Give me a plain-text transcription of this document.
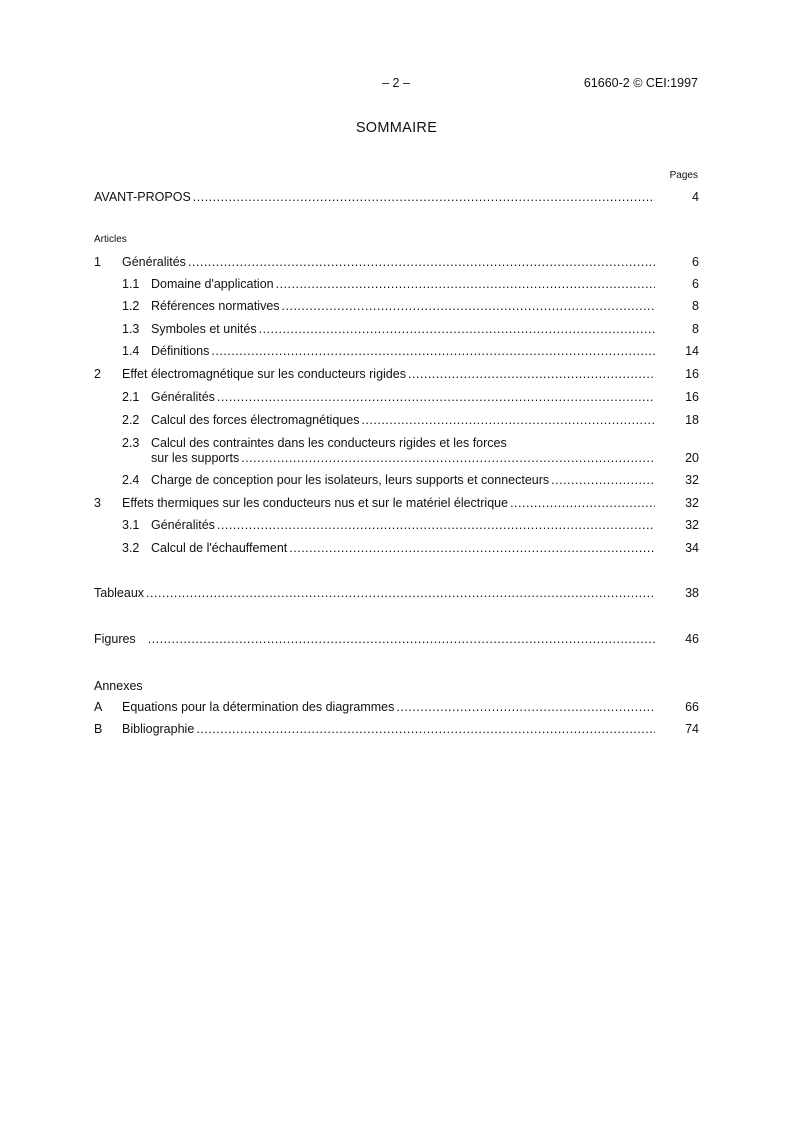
– 2 –	61660-2 © CEI:1997
SOMMAIRE
Pages
AVANT-PROPOS .....	4
Articles
1	Généralités .....	6
1.1 Domaine d'application .....	6
1.2 Références normatives .....	8
1.3 Symboles et unités .....	8
1.4 Définitions .....	14
2	Effet électromagnétique sur les conducteurs rigides .....	16
2.1 Généralités .....	16
2.2 Calcul des forces électromagnétiques .....	18
2.3 Calcul des contraintes dans les conducteurs rigides et les forces
sur les supports .....	20
2.4 Charge de conception pour les isolateurs, leurs supports et connecteurs .....	32
3	Effets thermiques sur les conducteurs nus et sur le matériel électrique .....	32
3.1 Généralités .....	32
3.2 Calcul de l'échauffement .....	34
Tableaux .....	38
Figures .....	46
Annexes
A	Equations pour la détermination des diagrammes .....	66
B	Bibliographie .....	74
